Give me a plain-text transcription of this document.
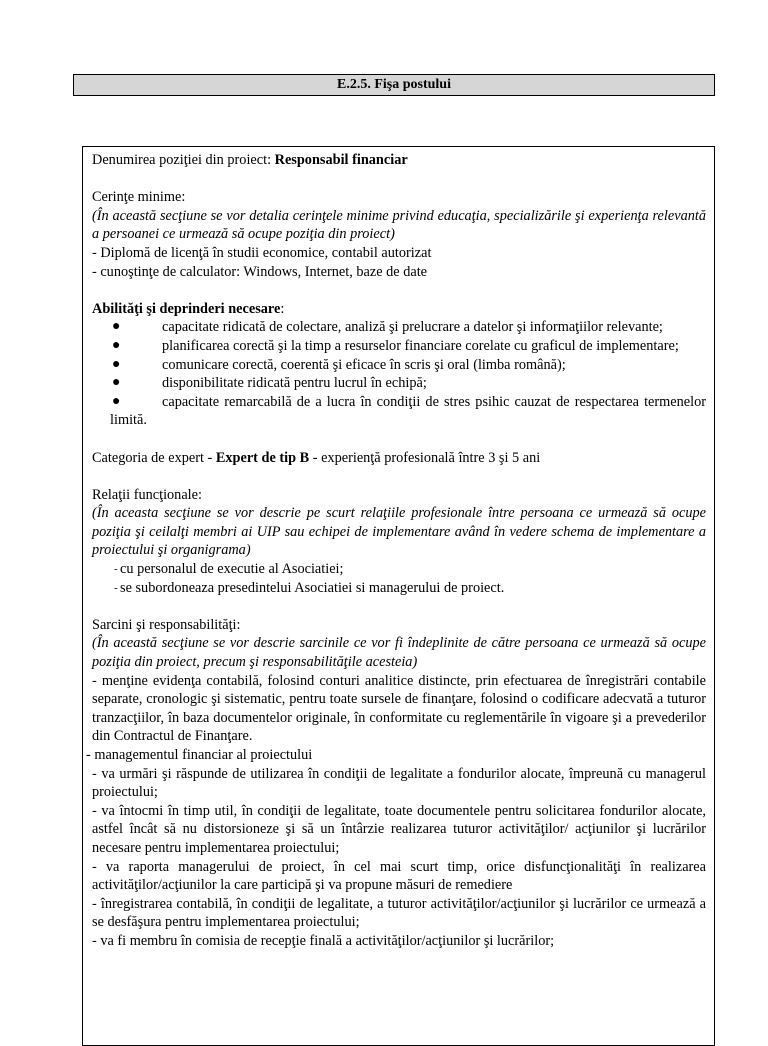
E.2.5. Fişa postului

Denumirea poziţiei din proiect: Responsabil financiar

Cerinţe minime:

(În această secţiune se vor detalia cerinţele minime privind educaţia, specializările şi experienţa relevantă a persoanei ce urmează să ocupe poziţia din proiect)

- Diplomă de licenţă în studii economice, contabil autorizat

- cunoştinţe de calculator: Windows, Internet, baze de date

Abilităţi şi deprinderi necesare:

●	capacitate ridicată de colectare, analiză şi prelucrare a datelor şi informaţiilor relevante;
●	planificarea corectă şi la timp a resurselor financiare corelate cu graficul de implementare;
●	comunicare corectă, coerentă şi eficace în scris şi oral (limba română);
●	disponibilitate ridicată pentru lucrul în echipă;
●	capacitate remarcabilă de a lucra în condiţii de stres psihic cauzat de respectarea termenelor limită.

Categoria de expert - Expert de tip B - experienţă profesională între 3 şi 5 ani

Relaţii funcţionale:

(În aceasta secţiune se vor descrie pe scurt relaţiile profesionale între persoana ce urmează să ocupe poziţia şi ceilalţi membri ai UIP sau echipei de implementare având în vedere schema de implementare a proiectului şi organigrama)

- cu personalul de executie al Asociatiei;
- se subordoneaza presedintelui Asociatiei si managerului de proiect.

Sarcini şi responsabilităţi:

(În această secţiune se vor descrie sarcinile ce vor fi îndeplinite de către persoana ce urmează să ocupe poziţia din proiect, precum şi responsabilităţile acesteia)

- menţine evidenţa contabilă, folosind conturi analitice distincte, prin efectuarea de înregistrări contabile separate, cronologic şi sistematic, pentru toate sursele de finanţare, folosind o codificare adecvată a tuturor tranzacţiilor, în baza documentelor originale, în conformitate cu reglementările în vigoare şi a prevederilor din Contractul de Finanţare.

- managementul financiar al proiectului

- va urmări şi răspunde de utilizarea în condiţii de legalitate a fondurilor alocate, împreună cu managerul proiectului;

- va întocmi în timp util, în condiţii de legalitate, toate documentele pentru solicitarea fondurilor alocate, astfel încât să nu distorsioneze şi să un întârzie realizarea tuturor activităţilor/ acţiunilor şi lucrărilor necesare pentru implementarea proiectului;

- va raporta managerului de proiect, în cel mai scurt timp, orice disfuncţionalităţi în realizarea activităţilor/acţiunilor la care participă şi va propune măsuri de remediere

- înregistrarea contabilă, în condiţii de legalitate, a tuturor activităţilor/acţiunilor şi lucrărilor ce urmează a se desfăşura pentru implementarea proiectului;

- va fi membru în comisia de recepţie finală a activităţilor/acţiunilor şi lucrărilor;
